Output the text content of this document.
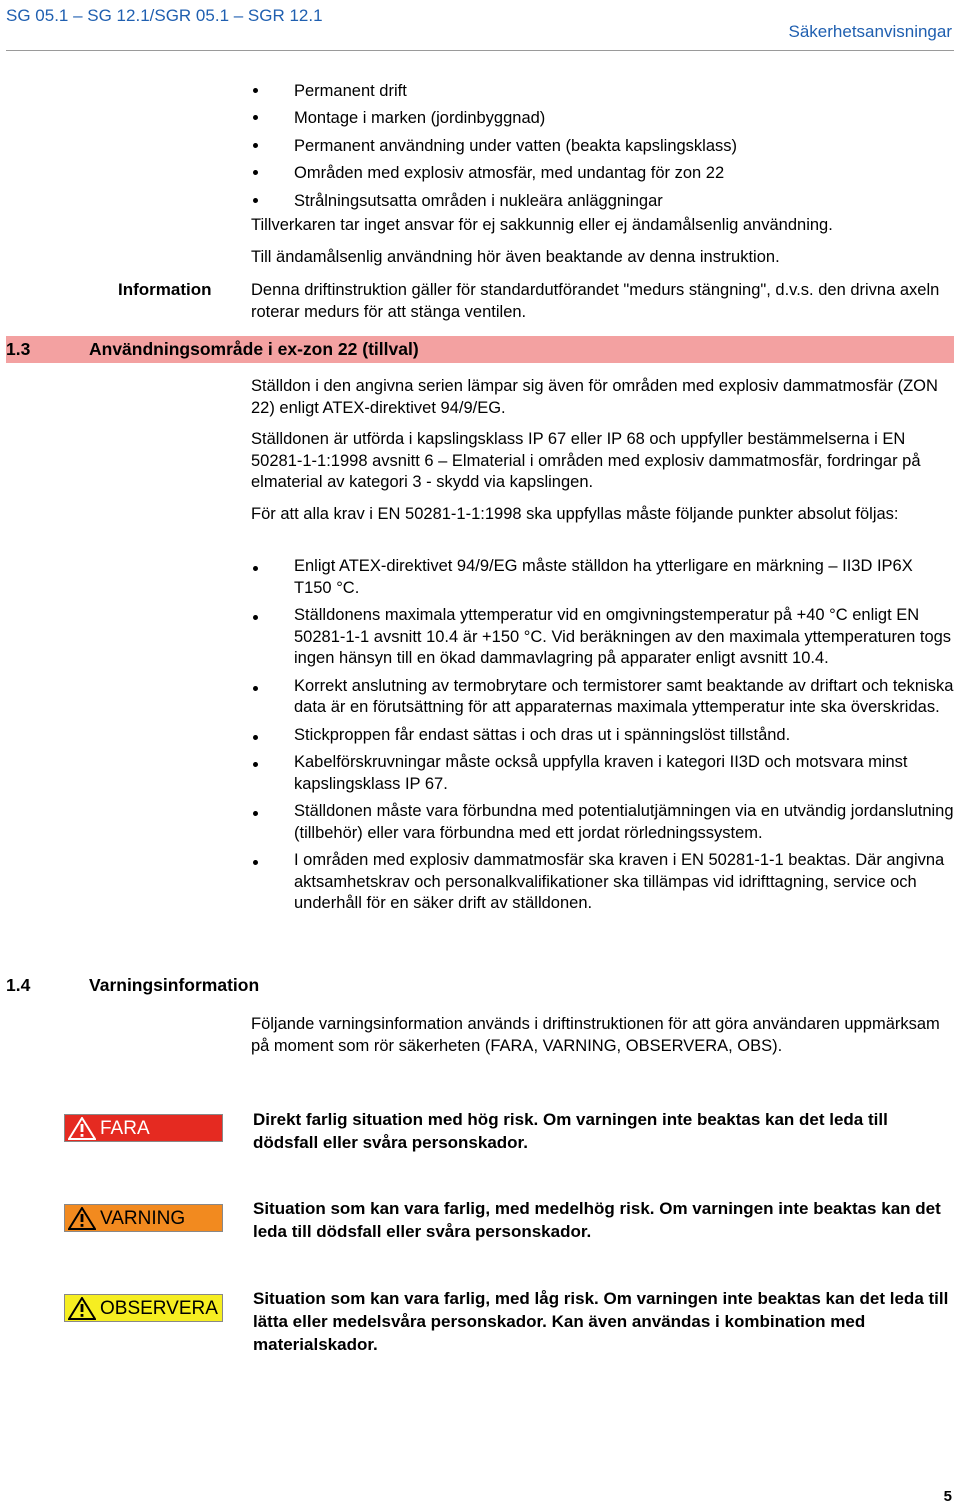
SG 05.1 – SG 12.1/SGR 05.1 – SGR 12.1
Säkerhetsanvisningar
Permanent drift
Montage i marken (jordinbyggnad)
Permanent användning under vatten (beakta kapslingsklass)
Områden med explosiv atmosfär, med undantag för zon 22
Strålningsutsatta områden i nukleära anläggningar

Tillverkaren tar inget ansvar för ej sakkunnig eller ej ändamålsenlig användning.

Till ändamålsenlig användning hör även beaktande av denna instruktion.

Information Denna driftinstruktion gäller för standardutförandet "medurs stängning", d.v.s. den drivna axeln roterar medurs för att stänga ventilen.

1.3	Användningsområde i ex-zon 22 (tillval)

Ställdon i den angivna serien lämpar sig även för områden med explosiv dammatmosfär (ZON 22) enligt ATEX-direktivet 94/9/EG.

Ställdonen är utförda i kapslingsklass IP 67 eller IP 68 och uppfyller bestämmelserna i EN 50281-1-1:1998 avsnitt 6 – Elmaterial i områden med explosiv dammatmosfär, fordringar på elmaterial av kategori 3 - skydd via kapslingen.

För att alla krav i EN 50281-1-1:1998 ska uppfyllas måste följande punkter absolut följas:

Enligt ATEX-direktivet 94/9/EG måste ställdon ha ytterligare en märkning – II3D IP6X T150 °C.
Ställdonens maximala yttemperatur vid en omgivningstemperatur på +40 °C enligt EN 50281-1-1 avsnitt 10.4 är +150 °C. Vid beräkningen av den maximala yttemperaturen togs ingen hänsyn till en ökad dammavlagring på apparater enligt avsnitt 10.4.
Korrekt anslutning av termobrytare och termistorer samt beaktande av driftart och tekniska data är en förutsättning för att apparaternas maximala yttemperatur inte ska överskridas.
Stickproppen får endast sättas i och dras ut i spänningslöst tillstånd.
Kabelförskruvningar måste också uppfylla kraven i kategori II3D och motsvara minst kapslingsklass IP 67.
Ställdonen måste vara förbundna med potentialutjämningen via en utvändig jordanslutning (tillbehör) eller vara förbundna med ett jordat rörledningssystem.
I områden med explosiv dammatmosfär ska kraven i EN 50281-1-1 beaktas. Där angivna aktsamhetskrav och personalkvalifikationer ska tillämpas vid idrifttagning, service och underhåll för en säker drift av ställdonen.
1.4	Varningsinformation

Följande varningsinformation används i driftinstruktionen för att göra användaren uppmärksam på moment som rör säkerheten (FARA, VARNING, OBSERVERA, OBS).

FARA	Direkt farlig situation med hög risk. Om varningen inte beaktas kan det leda till dödsfall eller svåra personskador.

VARNING	Situation som kan vara farlig, med medelhög risk. Om varningen inte beaktas kan det leda till dödsfall eller svåra personskador.

OBSERVERA Situation som kan vara farlig, med låg risk. Om varningen inte beaktas kan det leda till lätta eller medelsvåra personskador. Kan även användas i kombination med materialskador.

5
